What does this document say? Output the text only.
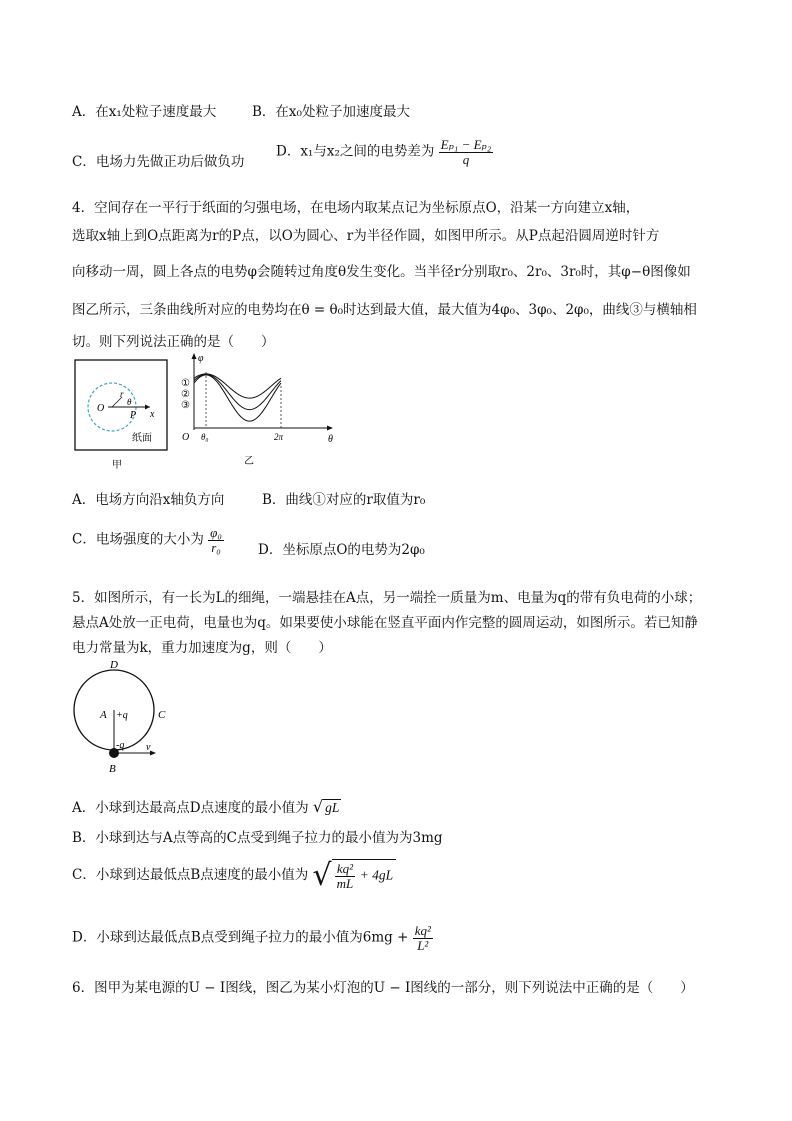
A．在x₁处粒子速度最大	B．在x₀处粒子加速度最大
C．电场力先做正功后做负功
D．x₁与x₂之间的电势差为 $\frac{\text{Eₚ₁ − Eₚ₂}}{q}$
4．空间存在一平行于纸面的匀强电场，在电场内取某点记为坐标原点O，沿某一方向建立x轴，
选取x轴上到O点距离为r的P点，以O为圆心、r为半径作圆，如图甲所示。从P点起沿圆周逆时针方
向移动一周，圆上各点的电势φ会随转过角度θ发生变化。当半径r分别取r₀、2r₀、3r₀时，其φ−θ图像如
图乙所示，三条曲线所对应的电势均在θ = θ₀时达到最大值，最大值为4φ₀、3φ₀、2φ₀，曲线③与横轴相
切。则下列说法正确的是（　　）
O
r
θ
P x
纸面
甲
φ
θ
O θ₀	2π
①
②
③
乙
A．电场方向沿x轴负方向	B．曲线①对应的r取值为r₀
C．电场强度的大小为 $\frac{\text{φ₀}}{\text{r₀}}$	D．坐标原点O的电势为2φ₀
5．如图所示，有一长为L的细绳，一端悬挂在A点，另一端拴一质量为m、电量为q的带有负电荷的小球；
悬点A处放一正电荷，电量也为q。如果要使小球能在竖直平面内作完整的圆周运动，如图所示。若已知静
电力常量为k，重力加速度为g，则（　　）
D
A +q	C
-q v
B
A．小球到达最高点D点速度的最小值为 √ gL
B．小球到达与A点等高的C点受到绳子拉力的最小值为为3mg
C．小球到达最低点B点速度的最小值为 √ $\frac{\text{kq²}}{mL} + 4gL$
D．小球到达最低点B点受到绳子拉力的最小值为$6mg + \frac{\text{kq²}}{\text{L²}}$
6．图甲为某电源的U − I图线，图乙为某小灯泡的U − I图线的一部分，则下列说法中正确的是（　　）
